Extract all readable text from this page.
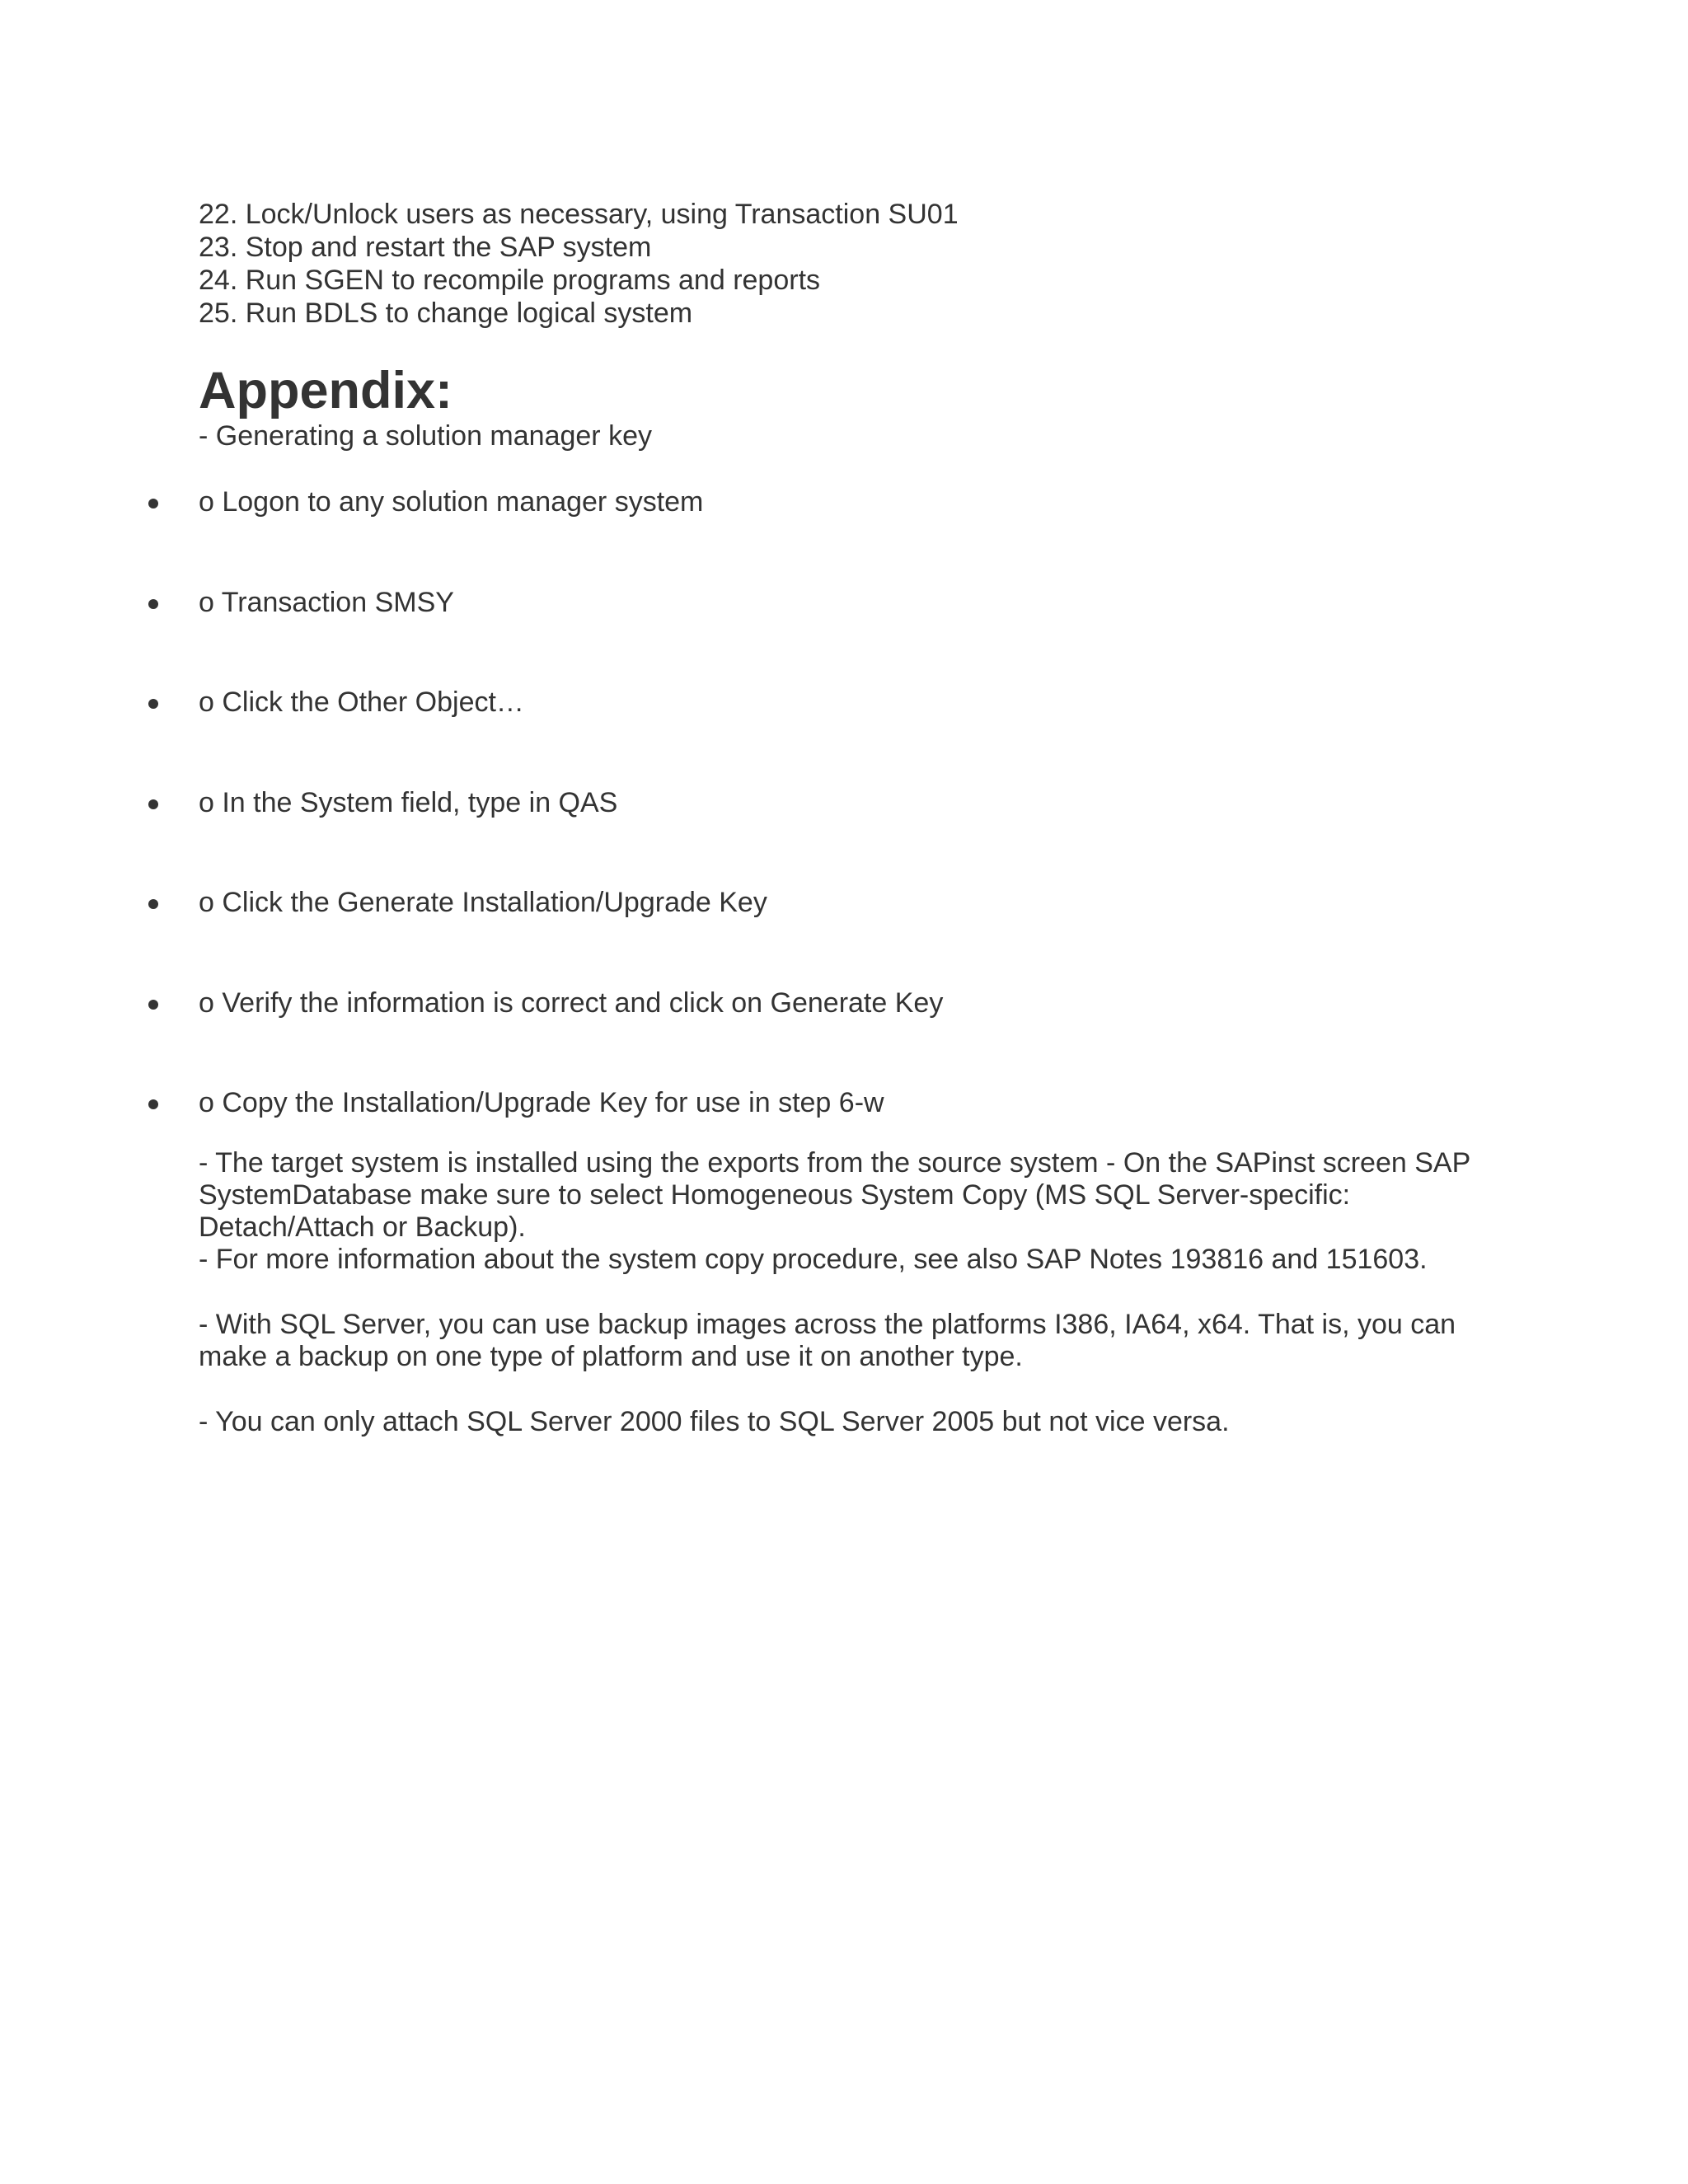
22. Lock/Unlock users as necessary, using Transaction SU01
23. Stop and restart the SAP system
24. Run SGEN to recompile programs and reports
25. Run BDLS to change logical system
Appendix:
- Generating a solution manager key
o Logon to any solution manager system
o Transaction SMSY
o Click the Other Object…
o In the System field, type in QAS
o Click the Generate Installation/Upgrade Key
o Verify the information is correct and click on Generate Key
o Copy the Installation/Upgrade Key for use in step 6-w

- The target system is installed using the exports from the source system - On the SAPinst screen SAP SystemDatabase make sure to select Homogeneous System Copy (MS SQL Server-specific: Detach/Attach or Backup).

- For more information about the system copy procedure, see also SAP Notes 193816 and 151603.

- With SQL Server, you can use backup images across the platforms I386, IA64, x64. That is, you can make a backup on one type of platform and use it on another type.

- You can only attach SQL Server 2000 files to SQL Server 2005 but not vice versa.
